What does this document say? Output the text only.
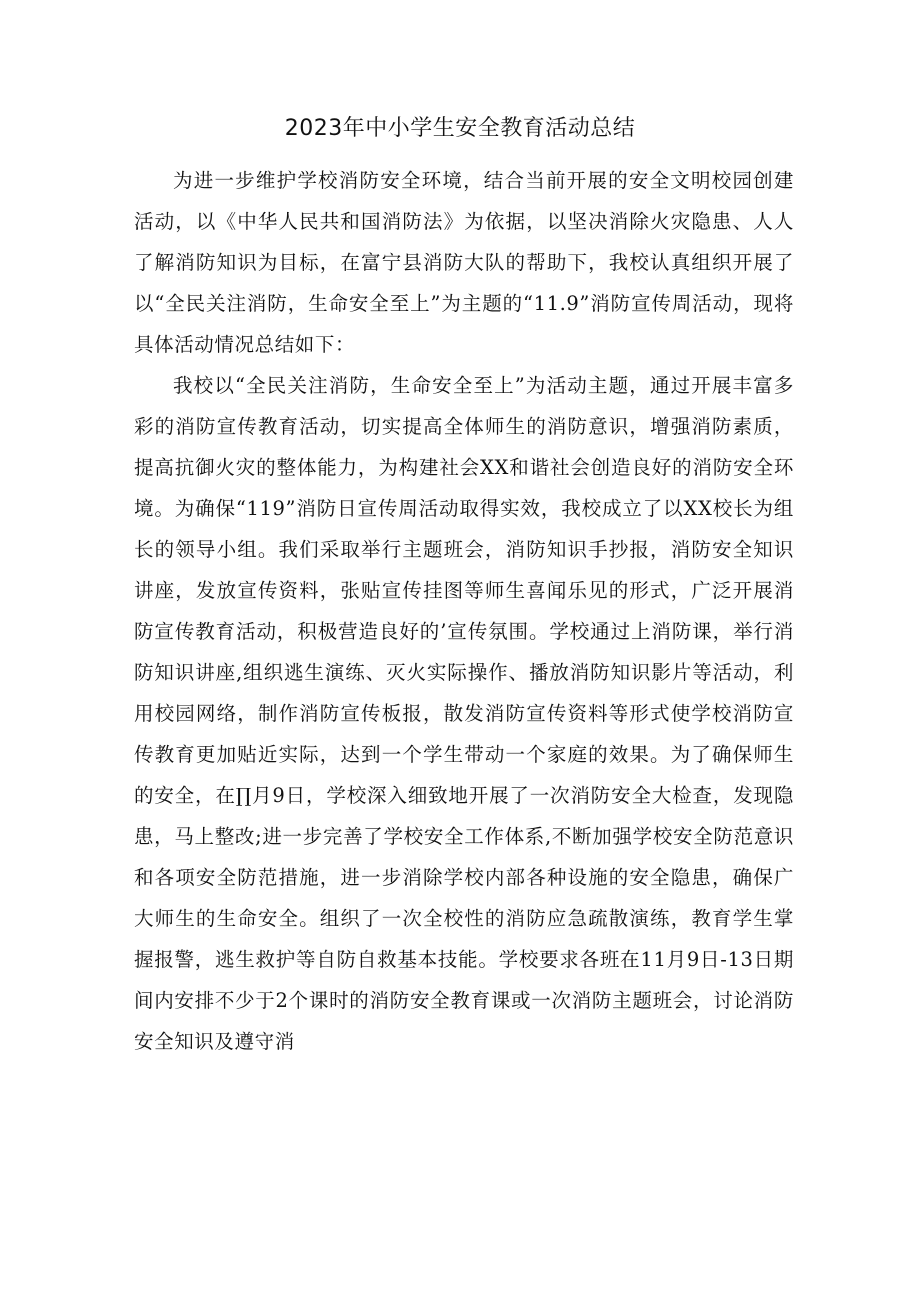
2023年中小学生安全教育活动总结

为进一步维护学校消防安全环境，结合当前开展的安全文明校园创建活动，以《中华人民共和国消防法》为依据，以坚决消除火灾隐患、人人了解消防知识为目标，在富宁县消防大队的帮助下，我校认真组织开展了以“全民关注消防，生命安全至上”为主题的“11.9”消防宣传周活动，现将具体活动情况总结如下：

我校以“全民关注消防，生命安全至上”为活动主题，通过开展丰富多彩的消防宣传教育活动，切实提高全体师生的消防意识，增强消防素质，提高抗御火灾的整体能力，为构建社会XX和谐社会创造良好的消防安全环境。为确保“119”消防日宣传周活动取得实效，我校成立了以XX校长为组长的领导小组。我们采取举行主题班会，消防知识手抄报，消防安全知识讲座，发放宣传资料，张贴宣传挂图等师生喜闻乐见的形式，广泛开展消防宣传教育活动，积极营造良好的’宣传氛围。学校通过上消防课，举行消防知识讲座,组织逃生演练、灭火实际操作、播放消防知识影片等活动，利用校园网络，制作消防宣传板报，散发消防宣传资料等形式使学校消防宣传教育更加贴近实际，达到一个学生带动一个家庭的效果。为了确保师生的安全，在∏月9日，学校深入细致地开展了一次消防安全大检查，发现隐患，马上整改;进一步完善了学校安全工作体系,不断加强学校安全防范意识和各项安全防范措施，进一步消除学校内部各种设施的安全隐患，确保广大师生的生命安全。组织了一次全校性的消防应急疏散演练，教育学生掌握报警，逃生救护等自防自救基本技能。学校要求各班在11月9日-13日期间内安排不少于2个课时的消防安全教育课或一次消防主题班会，讨论消防安全知识及遵守消
